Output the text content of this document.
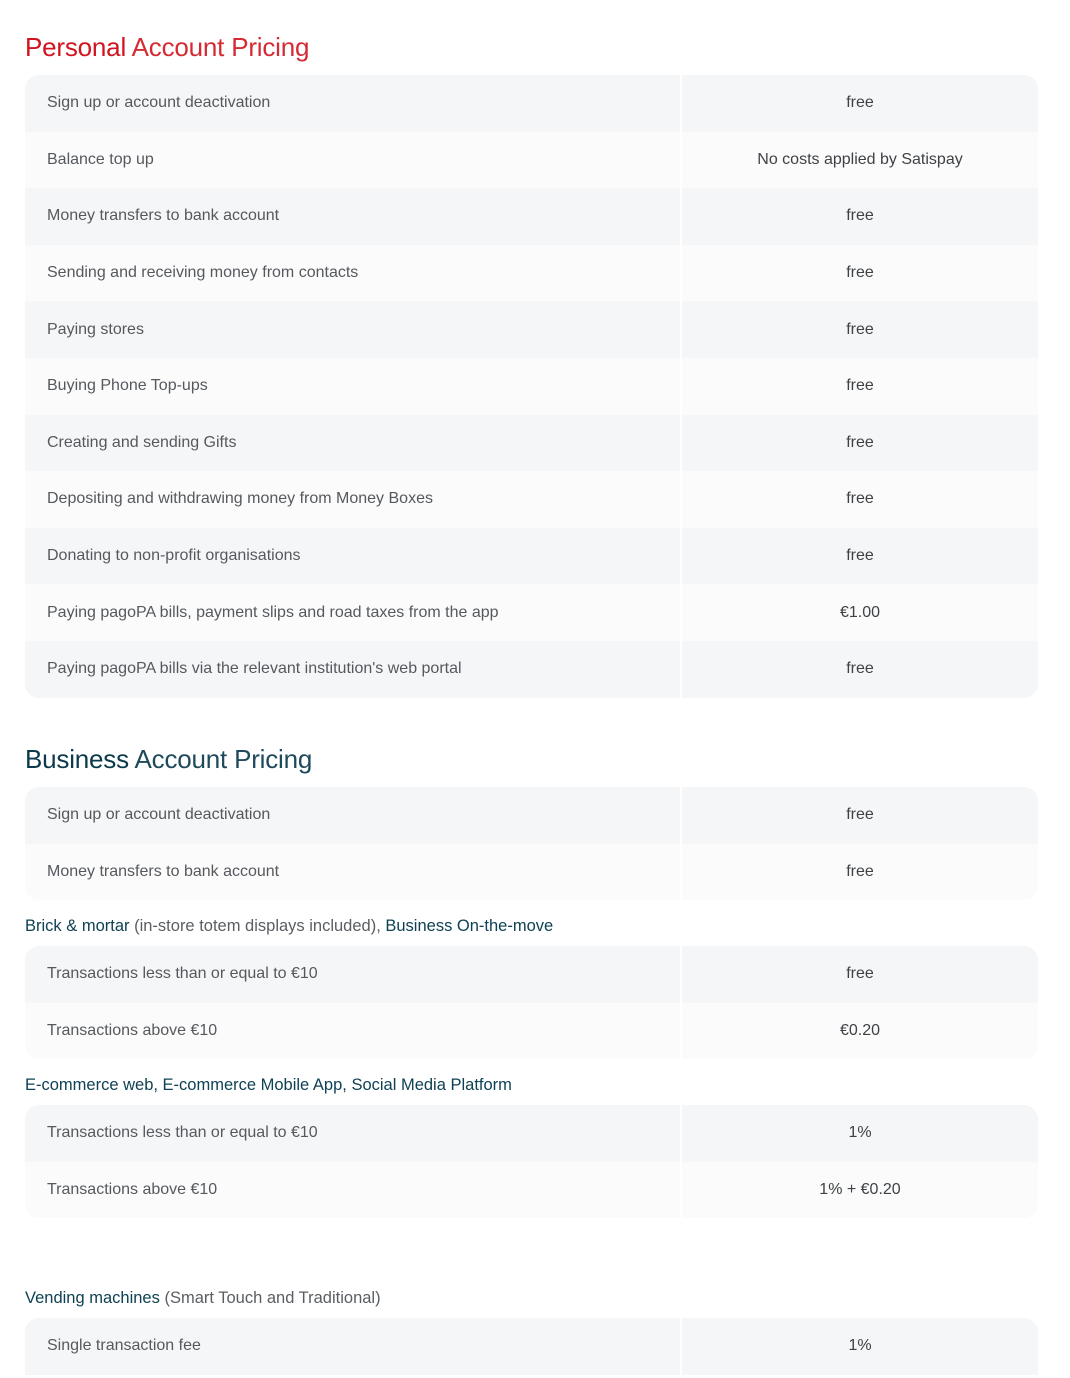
Personal Account Pricing
Sign up or account deactivation	free
Balance top up	No costs applied by Satispay
Money transfers to bank account	free
Sending and receiving money from contacts	free
Paying stores	free
Buying Phone Top-ups	free
Creating and sending Gifts	free
Depositing and withdrawing money from Money Boxes	free
Donating to non-profit organisations	free
Paying pagoPA bills, payment slips and road taxes from the app	€1.00
Paying pagoPA bills via the relevant institution's web portal	free
Business Account Pricing
Sign up or account deactivation	free
Money transfers to bank account	free
Brick & mortar (in-store totem displays included), Business On-the-move
Transactions less than or equal to €10	free
Transactions above €10	€0.20
E-commerce web, E-commerce Mobile App, Social Media Platform
Transactions less than or equal to €10	1%
Transactions above €10	1% + €0.20
Vending machines (Smart Touch and Traditional)
Single transaction fee	1%
